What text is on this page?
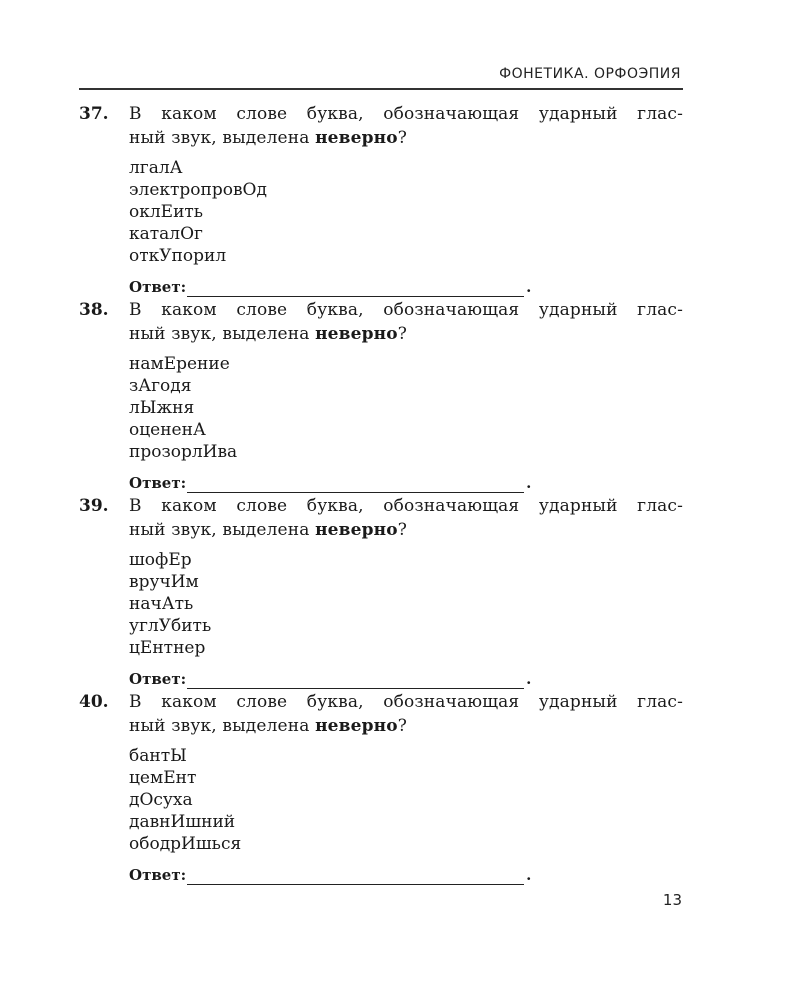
ФОНЕТИКА. ОРФОЭПИЯ
37. В каком слове буква, обозначающая ударный глас-
ный звук, выделена неверно?
лгалА
электропровОд
оклЕить
каталОг
откУпорил
Ответ:	.
38. В каком слове буква, обозначающая ударный глас-
ный звук, выделена неверно?
намЕрение
зАгодя
лЫжня
оцененА
прозорлИва
Ответ:	.
39. В каком слове буква, обозначающая ударный глас-
ный звук, выделена неверно?
шофЕр
вручИм
начАть
углУбить
цЕнтнер
Ответ:	.
40. В каком слове буква, обозначающая ударный глас-
ный звук, выделена неверно?
бантЫ
цемЕнт
дОсуха
давнИшний
ободрИшься
Ответ:	.
13
